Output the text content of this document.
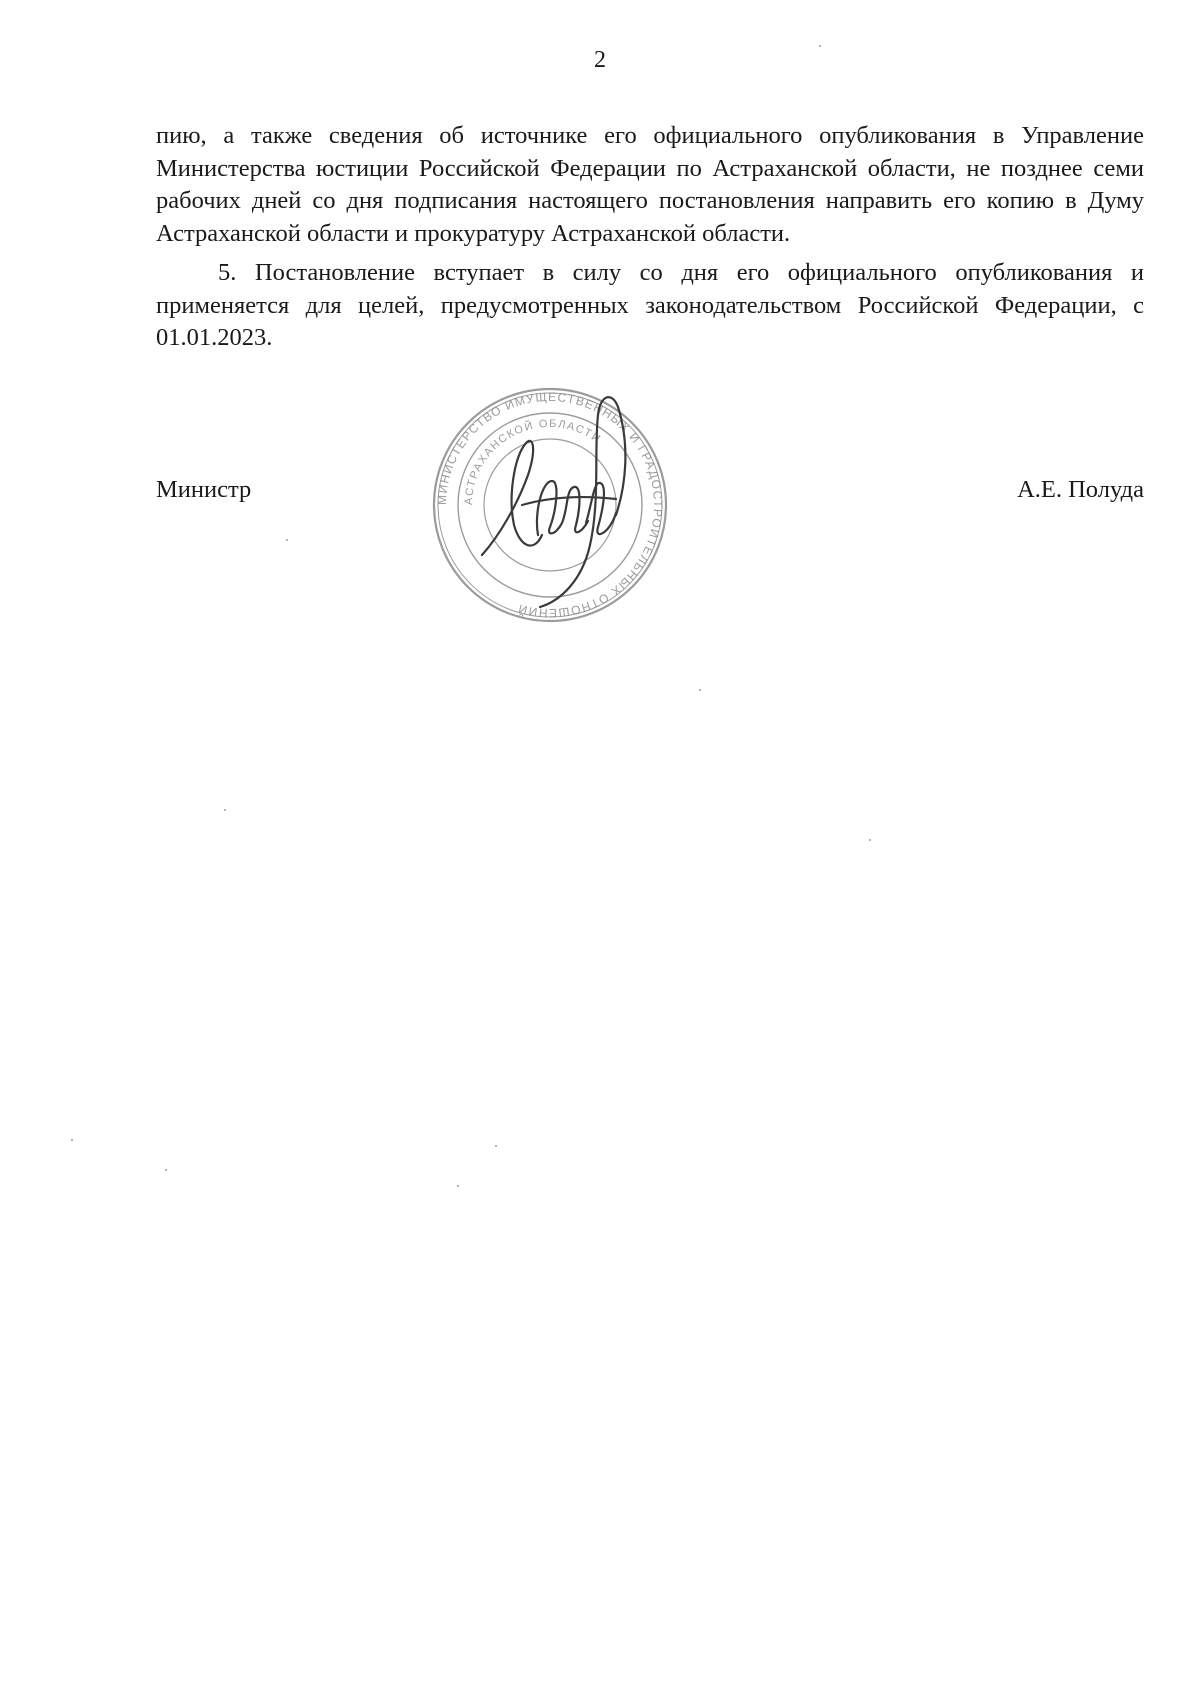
2

пию, а также сведения об источнике его официального опубликования в Управление Министерства юстиции Российской Федерации по Астраханской области, не позднее семи рабочих дней со дня подписания настоящего постановления направить его копию в Думу Астраханской области и прокуратуру Астраханской области.

5. Постановление вступает в силу со дня его официального опубликования и применяется для целей, предусмотренных законодательством Российской Федерации, с 01.01.2023.

Министр	А.Е. Полуда
МИНИСТЕРСТВО ИМУЩЕСТВЕННЫХ И ГРАДОСТРОИТЕЛЬНЫХ ОТНОШЕНИЙ
АСТРАХАНСКОЙ ОБЛАСТИ
